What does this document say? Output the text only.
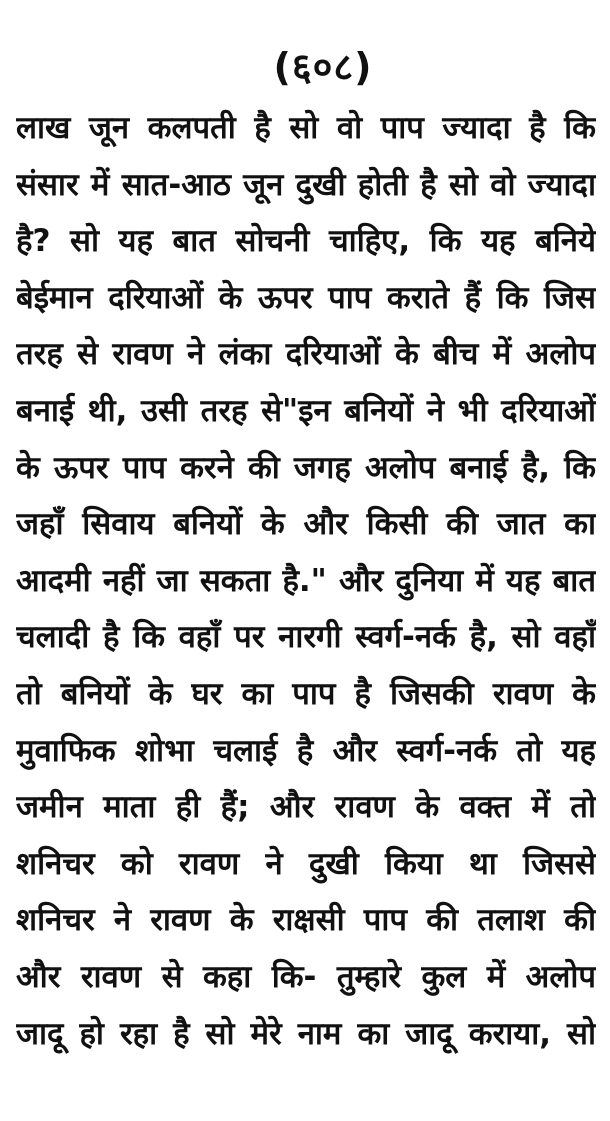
(६०८)
लाख जून कलपती है सो वो पाप ज्यादा है कि
संसार में सात-आठ जून दुखी होती है सो वो ज्यादा
है? सो यह बात सोचनी चाहिए, कि यह बनिये
बेईमान दरियाओं के ऊपर पाप कराते हैं कि जिस
तरह से रावण ने लंका दरियाओं के बीच में अलोप
बनाई थी, उसी तरह से"इन बनियों ने भी दरियाओं
के ऊपर पाप करने की जगह अलोप बनाई है, कि
जहाँ सिवाय बनियों के और किसी की जात का
आदमी नहीं जा सकता है." और दुनिया में यह बात
चलादी है कि वहाँ पर नारगी स्वर्ग-नर्क है, सो वहाँ
तो बनियों के घर का पाप है जिसकी रावण के
मुवाफिक शोभा चलाई है और स्वर्ग-नर्क तो यह
जमीन माता ही हैं; और रावण के वक्त में तो
शनिचर को रावण ने दुखी किया था जिससे
शनिचर ने रावण के राक्षसी पाप की तलाश की
और रावण से कहा कि- तुम्हारे कुल में अलोप
जादू हो रहा है सो मेरे नाम का जादू कराया, सो
